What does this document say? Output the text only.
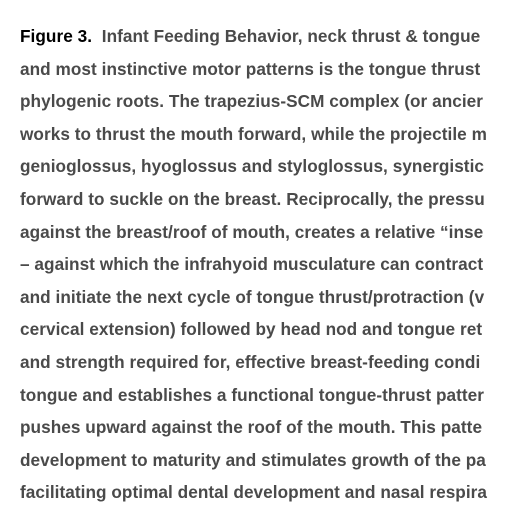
Figure 3. Infant Feeding Behavior, neck thrust & tongue
and most instinctive motor patterns is the tongue thrust
phylogenic roots. The trapezius-SCM complex (or ancier
works to thrust the mouth forward, while the projectile m
genioglossus, hyoglossus and styloglossus, synergistic
forward to suckle on the breast. Reciprocally, the pressu
against the breast/roof of mouth, creates a relative “inse
– against which the infrahyoid musculature can contract
and initiate the next cycle of tongue thrust/protraction (v
cervical extension) followed by head nod and tongue ret
and strength required for, effective breast-feeding condi
tongue and establishes a functional tongue-thrust patter
pushes upward against the roof of the mouth. This patte
development to maturity and stimulates growth of the pa
facilitating optimal dental development and nasal respira
